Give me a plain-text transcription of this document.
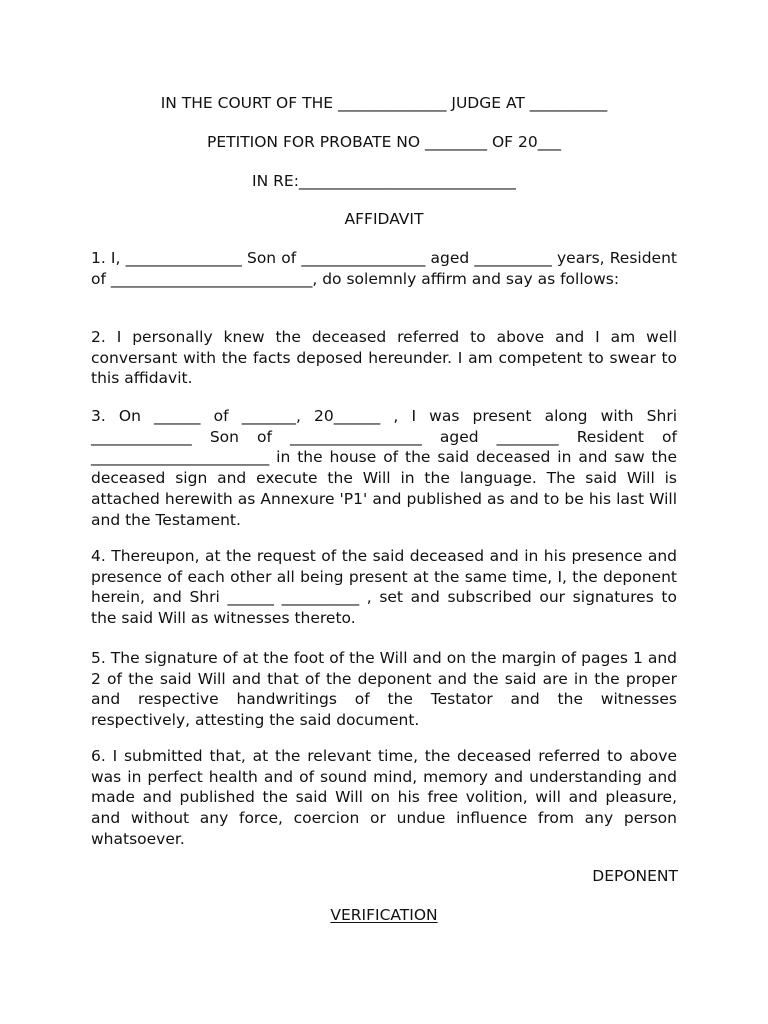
IN THE COURT OF THE ______________ JUDGE AT __________

PETITION FOR PROBATE NO ________ OF 20___

IN RE:____________________________

AFFIDAVIT

1. I, _______________ Son of ________________ aged __________ years, Resident of __________________________, do solemnly affirm and say as follows:

2. I personally knew the deceased referred to above and I am well conversant with the facts deposed hereunder. I am competent to swear to this affidavit.

3. On ______ of _______, 20______ , I was present along with Shri _____________ Son of _________________ aged ________ Resident of _______________________ in the house of the said deceased in and saw the deceased sign and execute the Will in the language. The said Will is attached herewith as Annexure 'P1' and published as and to be his last Will and the Testament.

4. Thereupon, at the request of the said deceased and in his presence and presence of each other all being present at the same time, I, the deponent herein, and Shri ______ __________ , set and subscribed our signatures to the said Will as witnesses thereto.

5. The signature of at the foot of the Will and on the margin of pages 1 and 2 of the said Will and that of the deponent and the said are in the proper and respective handwritings of the Testator and the witnesses respectively, attesting the said document.

6. I submitted that, at the relevant time, the deceased referred to above was in perfect health and of sound mind, memory and understanding and made and published the said Will on his free volition, will and pleasure, and without any force, coercion or undue influence from any person whatsoever.

DEPONENT

VERIFICATION
